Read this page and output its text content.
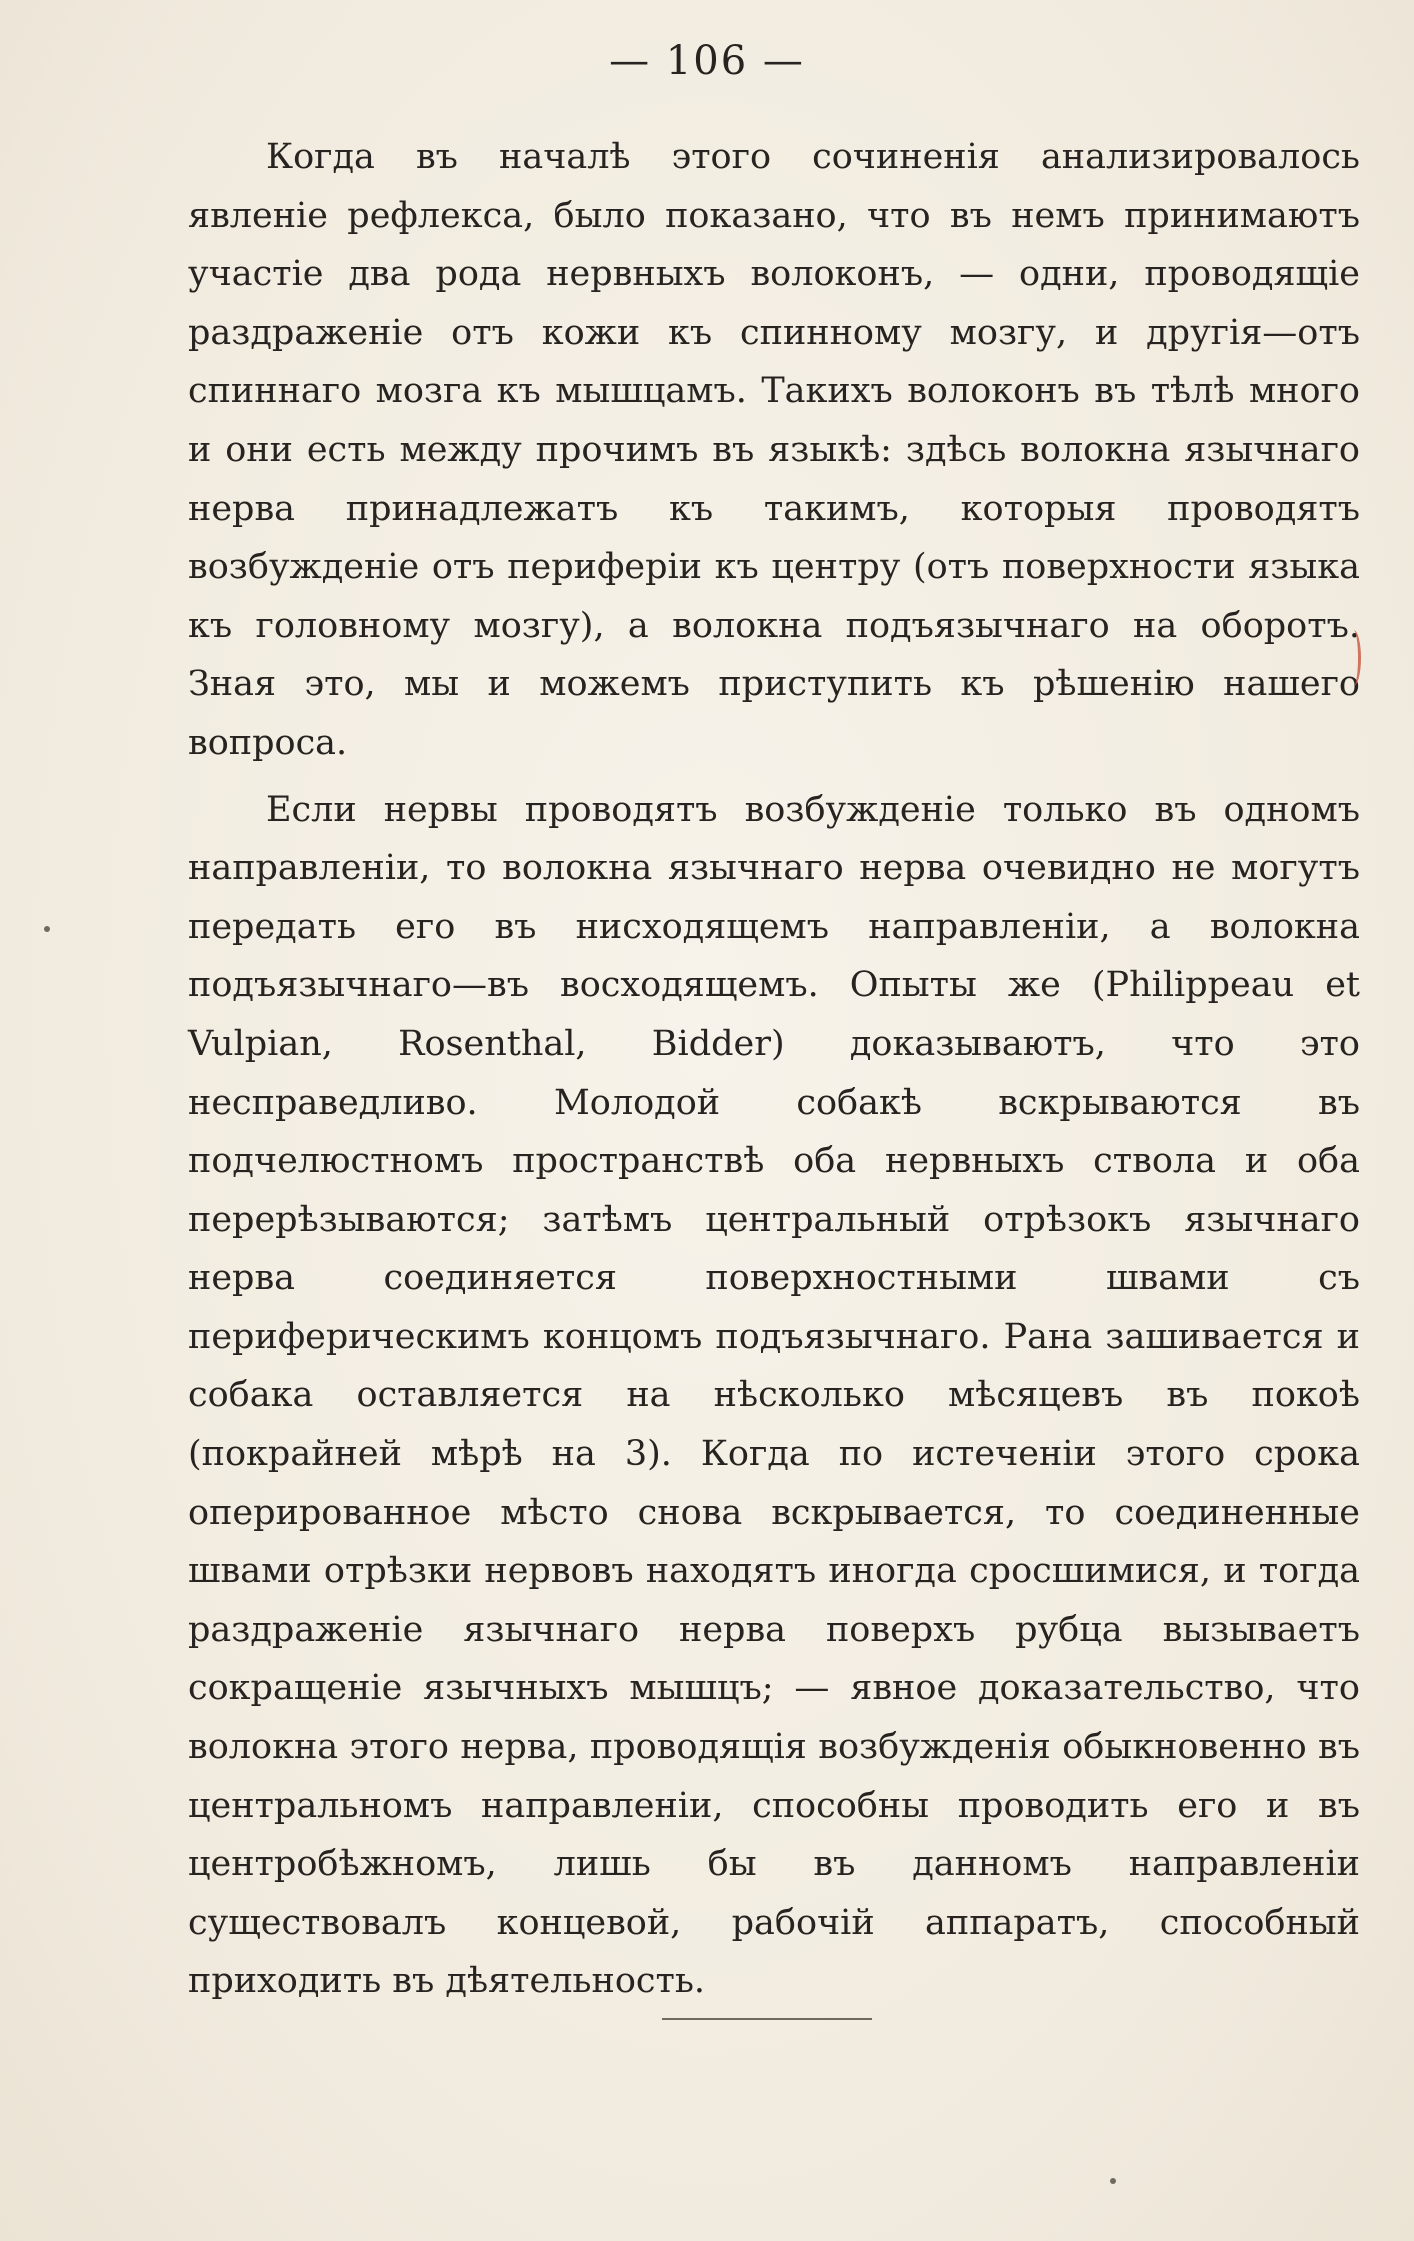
— 106 —

Когда въ началѣ этого сочиненія анализировалось явленіе рефлекса, было показано, что въ немъ принимаютъ участіе два рода нервныхъ волоконъ, — одни, проводящіе раздраженіе отъ кожи къ спинному мозгу, и другія—отъ спиннаго мозга къ мышцамъ. Такихъ волоконъ въ тѣлѣ много и они есть между прочимъ въ языкѣ: здѣсь волокна язычнаго нерва принадлежатъ къ такимъ, которыя проводятъ возбужденіе отъ периферіи къ центру (отъ поверхности языка къ головному мозгу), а волокна подъязычнаго на оборотъ. Зная это, мы и можемъ приступить къ рѣшенію нашего вопроса.

Если нервы проводятъ возбужденіе только въ одномъ направленіи, то волокна язычнаго нерва очевидно не могутъ передать его въ нисходящемъ направленіи, а волокна подъязычнаго—въ восходящемъ. Опыты же (Philippeau et Vulpian, Rosenthal, Bidder) доказываютъ, что это несправедливо. Молодой собакѣ вскрываются въ подчелюстномъ пространствѣ оба нервныхъ ствола и оба перерѣзываются; затѣмъ центральный отрѣзокъ язычнаго нерва соединяется поверхностными швами съ периферическимъ концомъ подъязычнаго. Рана зашивается и собака оставляется на нѣсколько мѣсяцевъ въ покоѣ (покрайней мѣрѣ на 3). Когда по истеченіи этого срока оперированное мѣсто снова вскрывается, то соединенные швами отрѣзки нервовъ находятъ иногда сросшимися, и тогда раздраженіе язычнаго нерва поверхъ рубца вызываетъ сокращеніе язычныхъ мышцъ; — явное доказательство, что волокна этого нерва, проводящія возбужденія обыкновенно въ центральномъ направленіи, способны проводить его и въ центробѣжномъ, лишь бы въ данномъ направленіи существовалъ концевой, рабочій аппаратъ, способный приходить въ дѣятельность.
